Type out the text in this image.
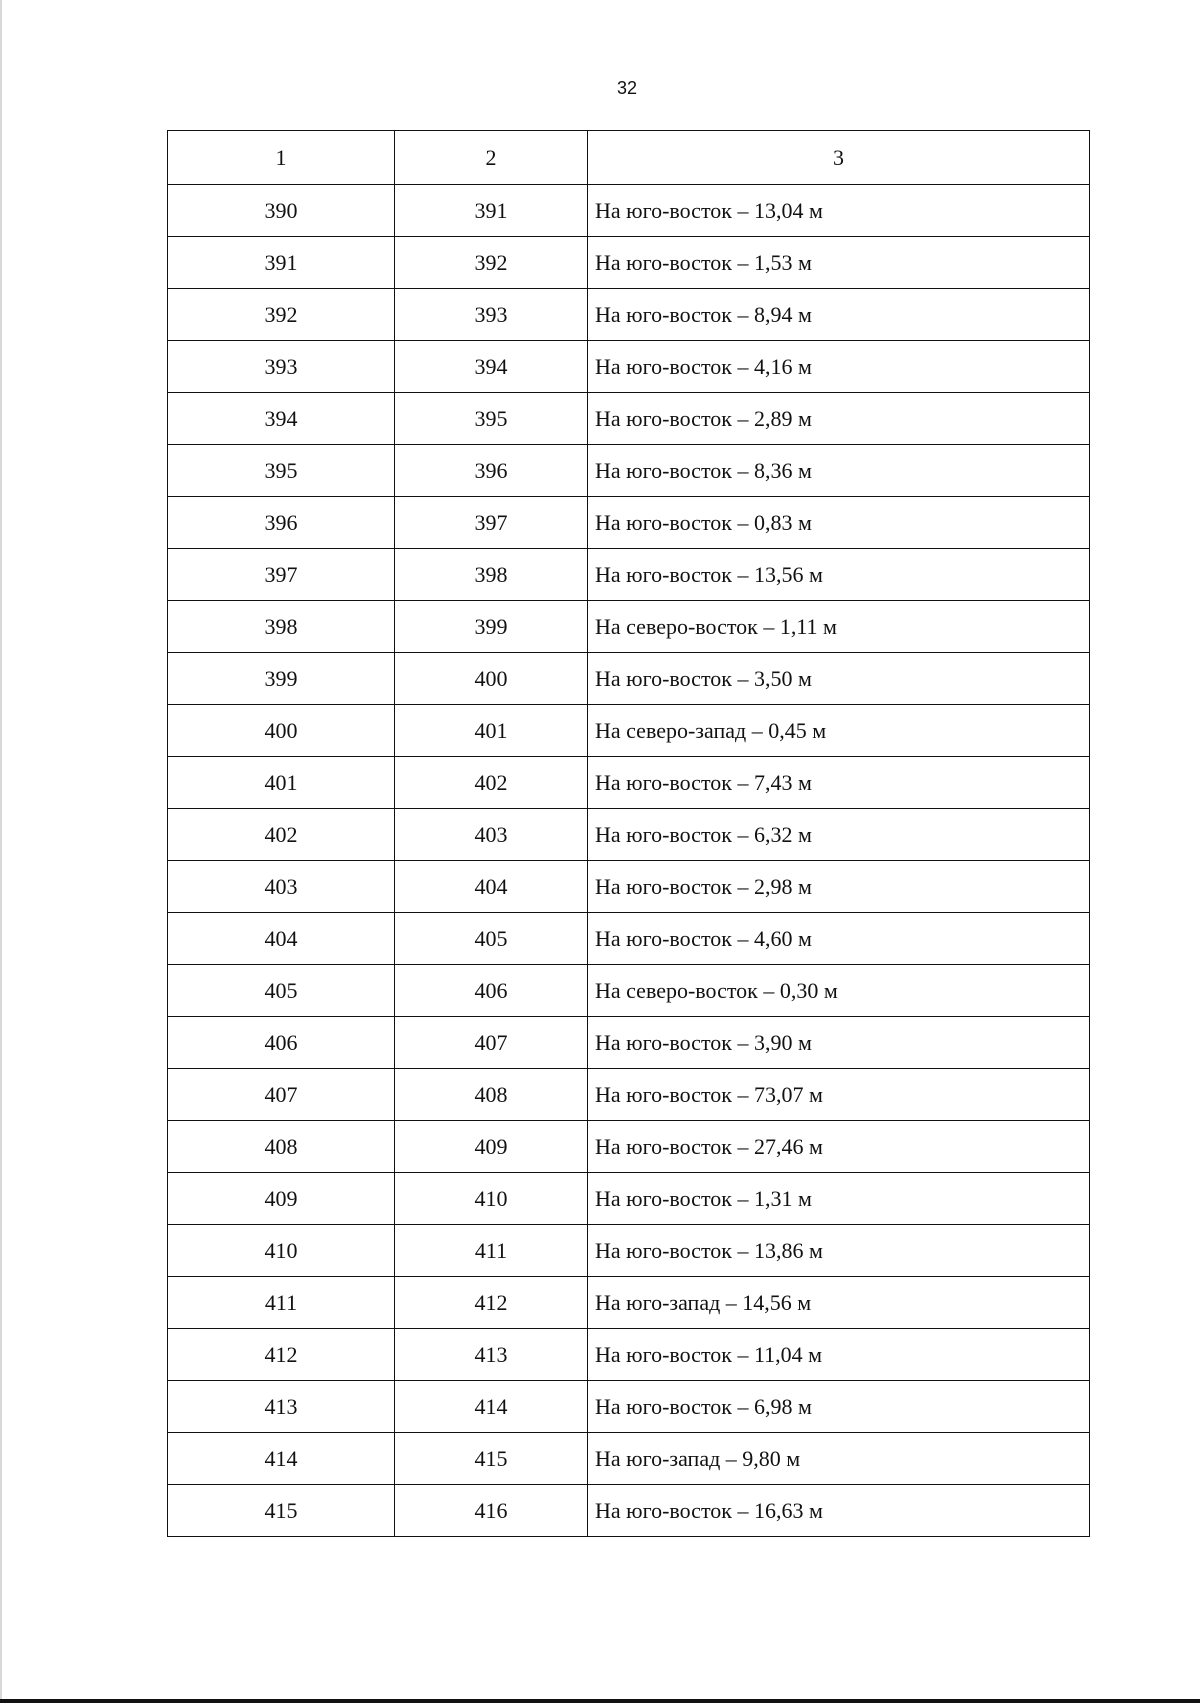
32
1	2	3
390	391	На юго-восток – 13,04 м
391	392	На юго-восток – 1,53 м
392	393	На юго-восток – 8,94 м
393	394	На юго-восток – 4,16 м
394	395	На юго-восток – 2,89 м
395	396	На юго-восток – 8,36 м
396	397	На юго-восток – 0,83 м
397	398	На юго-восток – 13,56 м
398	399	На северо-восток – 1,11 м
399	400	На юго-восток – 3,50 м
400	401	На северо-запад – 0,45 м
401	402	На юго-восток – 7,43 м
402	403	На юго-восток – 6,32 м
403	404	На юго-восток – 2,98 м
404	405	На юго-восток – 4,60 м
405	406	На северо-восток – 0,30 м
406	407	На юго-восток – 3,90 м
407	408	На юго-восток – 73,07 м
408	409	На юго-восток – 27,46 м
409	410	На юго-восток – 1,31 м
410	411	На юго-восток – 13,86 м
411	412	На юго-запад – 14,56 м
412	413	На юго-восток – 11,04 м
413	414	На юго-восток – 6,98 м
414	415	На юго-запад – 9,80 м
415	416	На юго-восток – 16,63 м
